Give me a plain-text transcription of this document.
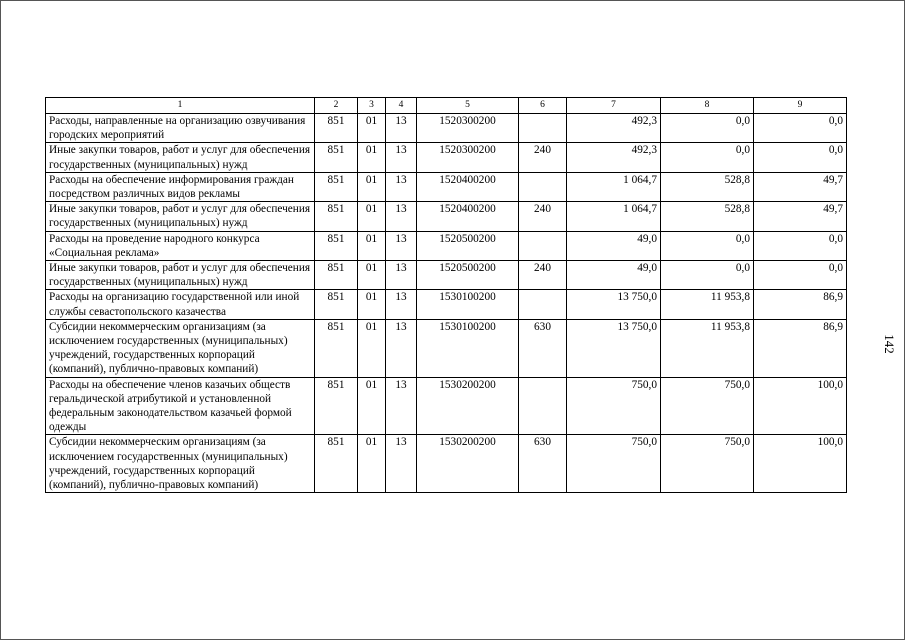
1	2	3	4	5	6	7	8	9
Расходы, направленные на организацию озвучивания городских мероприятий	851	01	13	1520300200		492,3	0,0	0,0
Иные закупки товаров, работ и услуг для обеспечения государственных (муниципальных) нужд	851	01	13	1520300200	240	492,3	0,0	0,0
Расходы на обеспечение информирования граждан посредством различных видов рекламы	851	01	13	1520400200		1 064,7	528,8	49,7
Иные закупки товаров, работ и услуг для обеспечения государственных (муниципальных) нужд	851	01	13	1520400200	240	1 064,7	528,8	49,7
Расходы на проведение народного конкурса «Социальная реклама»	851	01	13	1520500200		49,0	0,0	0,0
Иные закупки товаров, работ и услуг для обеспечения государственных (муниципальных) нужд	851	01	13	1520500200	240	49,0	0,0	0,0
Расходы на организацию государственной или иной службы севастопольского казачества	851	01	13	1530100200		13 750,0	11 953,8	86,9
Субсидии некоммерческим организациям (за исключением государственных (муниципальных) учреждений, государственных корпораций (компаний), публично-правовых компаний)	851	01	13	1530100200	630	13 750,0	11 953,8	86,9
Расходы на обеспечение членов казачьих обществ геральдической атрибутикой и установленной федеральным законодательством казачьей формой одежды	851	01	13	1530200200		750,0	750,0	100,0
Субсидии некоммерческим организациям (за исключением государственных (муниципальных) учреждений, государственных корпораций (компаний), публично-правовых компаний)	851	01	13	1530200200	630	750,0	750,0	100,0
142
